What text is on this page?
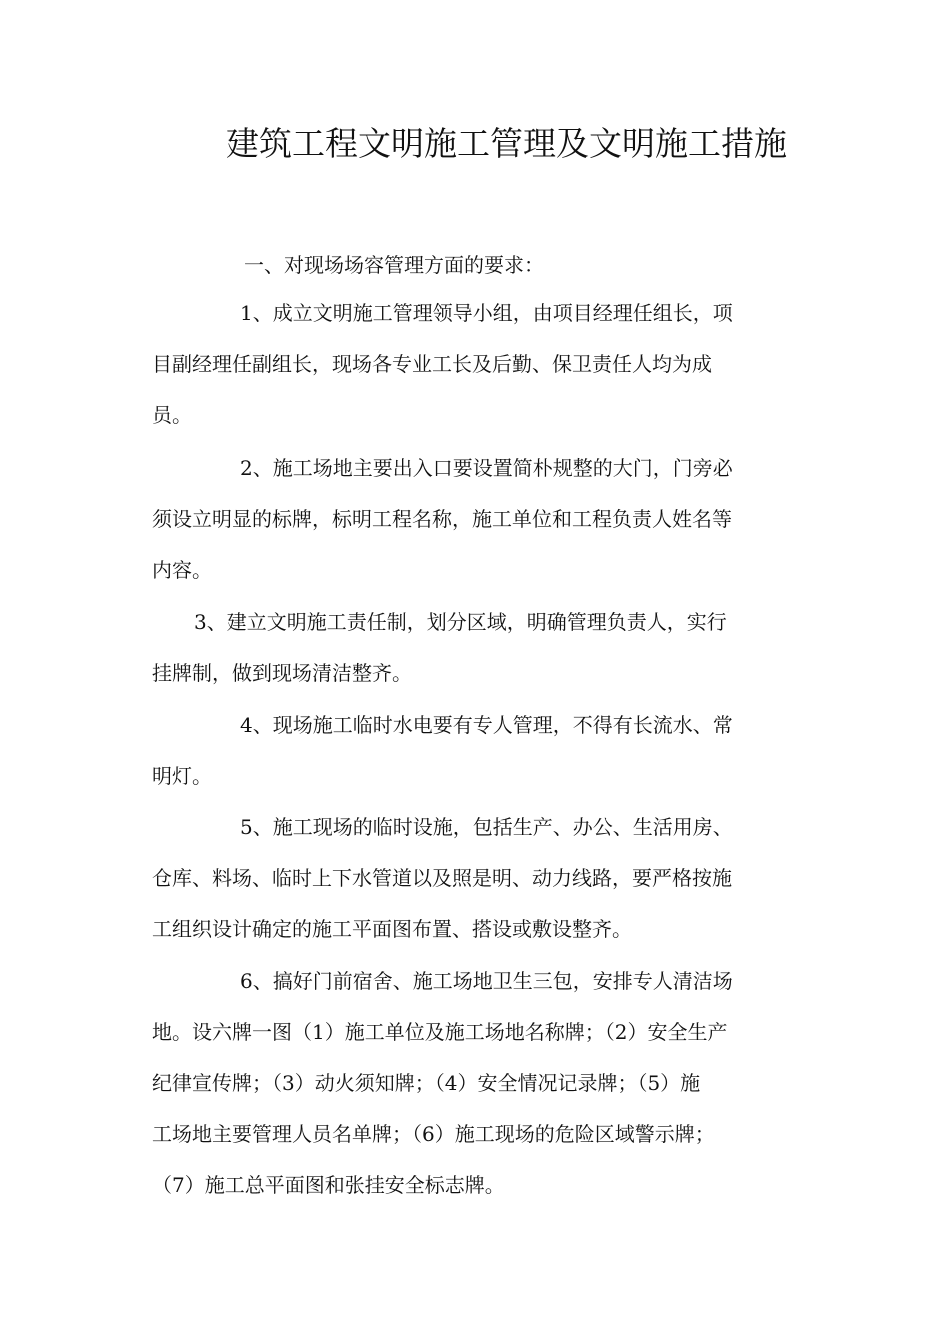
建筑工程文明施工管理及文明施工措施
一、对现场场容管理方面的要求：
1、成立文明施工管理领导小组，由项目经理任组长，项
目副经理任副组长，现场各专业工长及后勤、保卫责任人均为成
员。
2、施工场地主要出入口要设置简朴规整的大门，门旁必
须设立明显的标牌，标明工程名称，施工单位和工程负责人姓名等
内容。
3、建立文明施工责任制，划分区域，明确管理负责人，实行
挂牌制，做到现场清洁整齐。
4、现场施工临时水电要有专人管理，不得有长流水、常
明灯。
5、施工现场的临时设施，包括生产、办公、生活用房、
仓库、料场、临时上下水管道以及照是明、动力线路，要严格按施
工组织设计确定的施工平面图布置、搭设或敷设整齐。
6、搞好门前宿舍、施工场地卫生三包，安排专人清洁场
地。设六牌一图（1）施工单位及施工场地名称牌；（2）安全生产
纪律宣传牌；（3）动火须知牌；（4）安全情况记录牌；（5）施
工场地主要管理人员名单牌；（6）施工现场的危险区域警示牌；
（7）施工总平面图和张挂安全标志牌。
